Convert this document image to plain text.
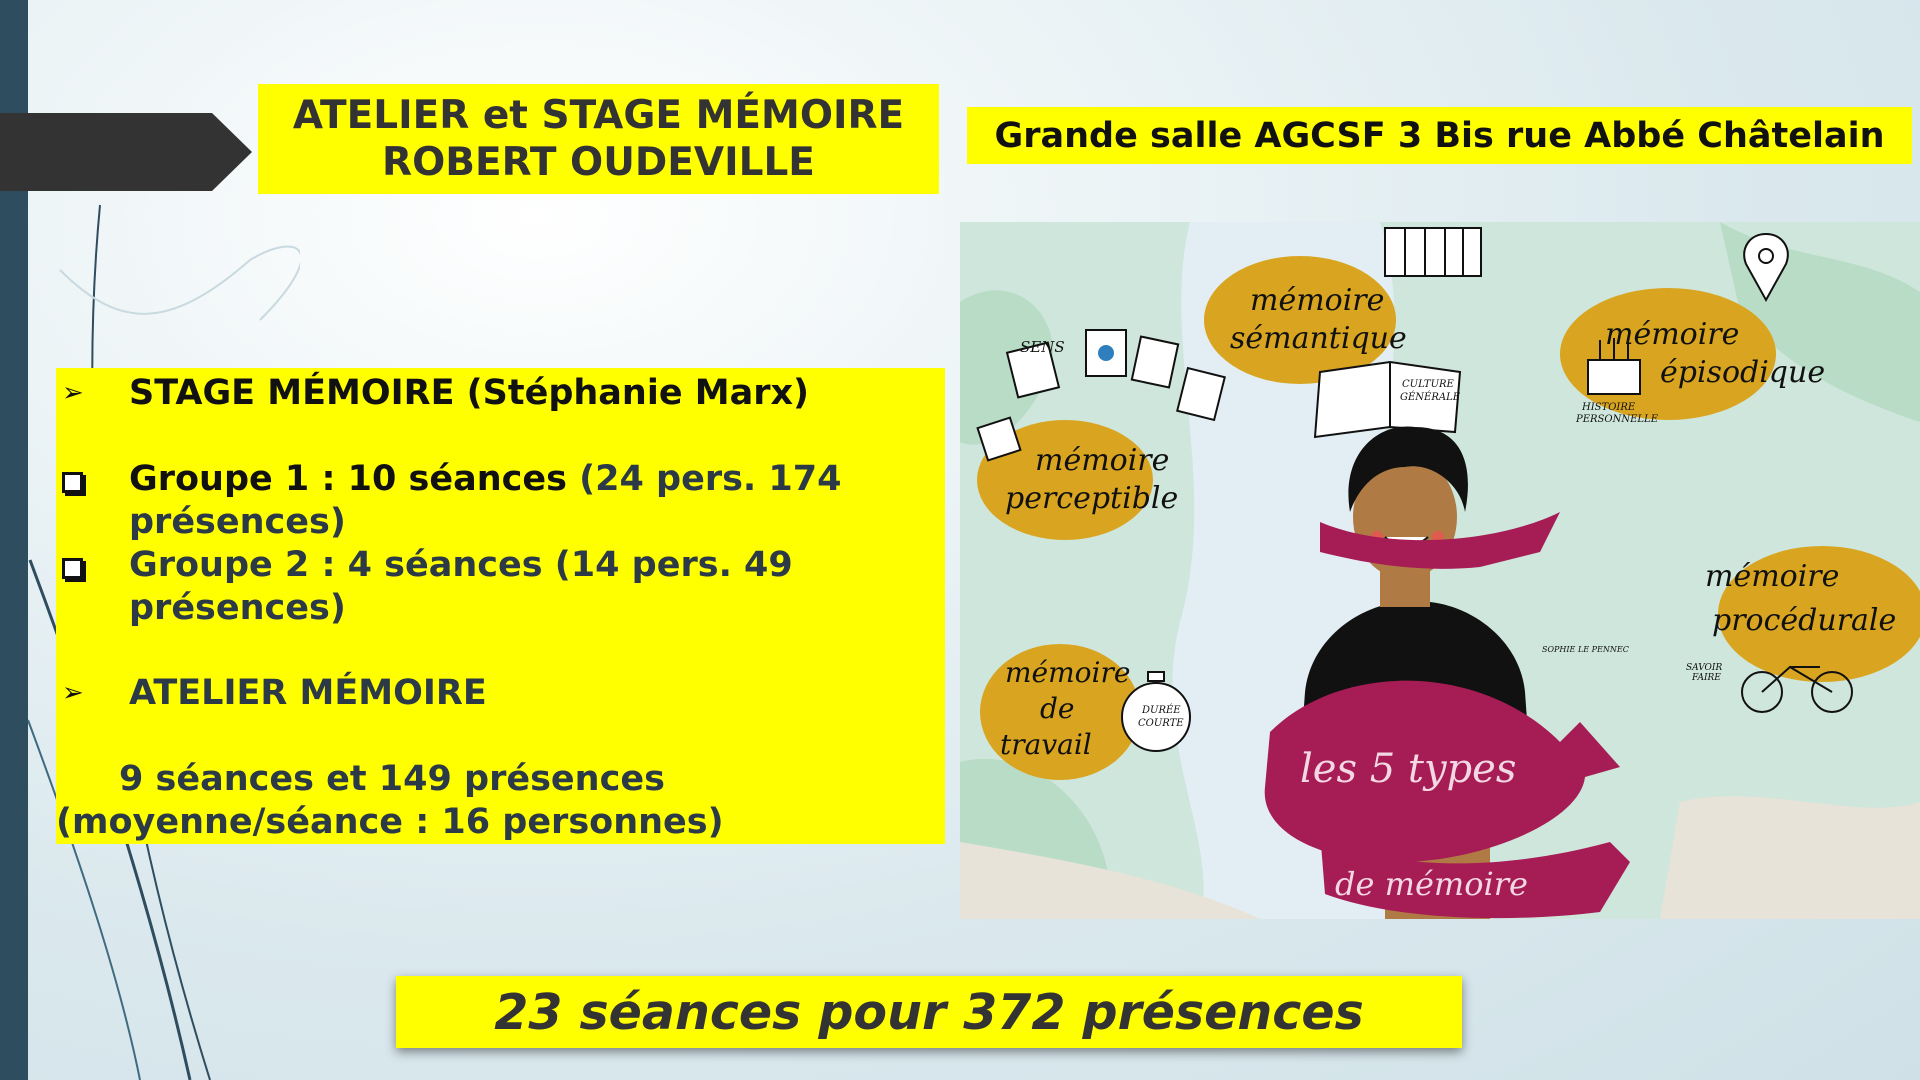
ATELIER et STAGE MÉMOIRE
ROBERT OUDEVILLE
Grande salle AGCSF 3 Bis rue Abbé Châtelain
➢ STAGE MÉMOIRE (Stéphanie Marx)
Groupe 1 : 10 séances (24 pers. 174 présences)
Groupe 2 : 4 séances (14 pers. 49 présences)
➢ ATELIER MÉMOIRE
9 séances et 149 présences
(moyenne/séance : 16 personnes)
SENS
mémoire
perceptible
mémoire
sémantique
CULTURE
GÉNÉRALE
mémoire
épisodique
HISTOIRE
PERSONNELLE
mémoire
procédurale
SAVOIR
FAIRE
mémoire
de
travail
DURÉE
COURTE
les 5 types
de mémoire
SOPHIE LE PENNEC
23 séances pour 372 présences
